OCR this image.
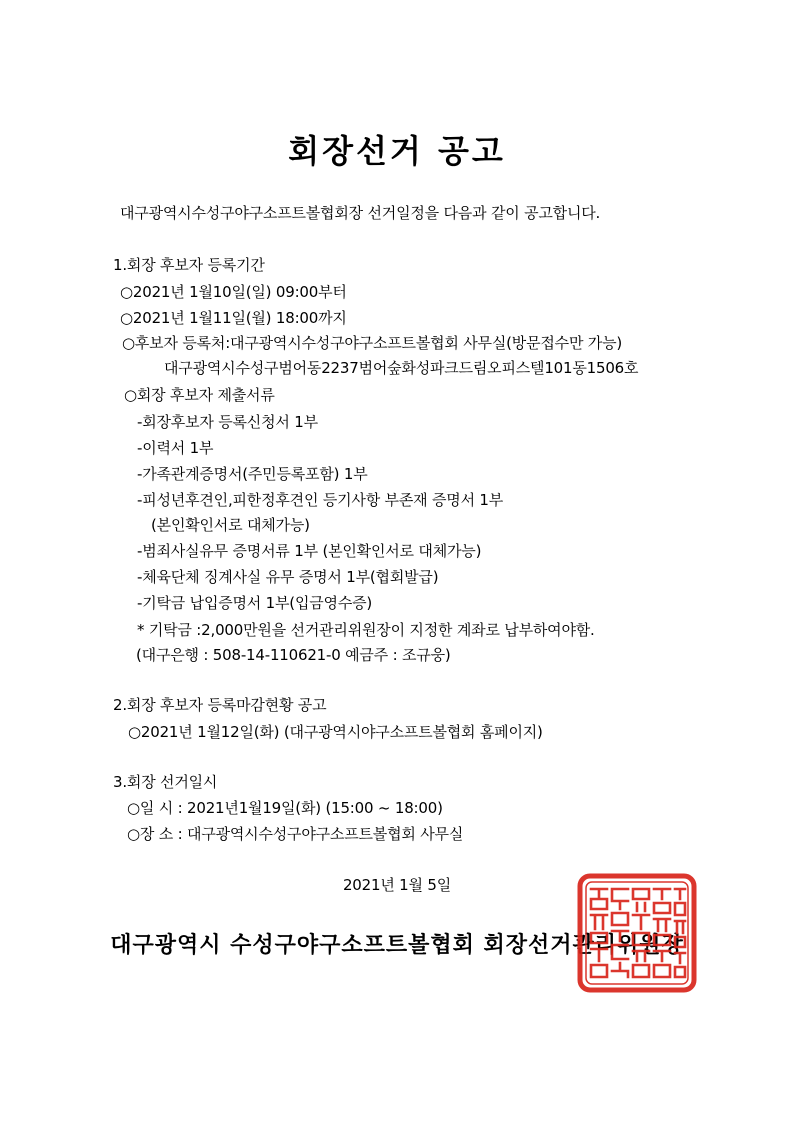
회장선거 공고
대구광역시수성구야구소프트볼협회장 선거일정을 다음과 같이 공고합니다.
1.회장 후보자 등록기간
○2021년 1월10일(일) 09:00부터
○2021년 1월11일(월) 18:00까지
○후보자 등록처:대구광역시수성구야구소프트볼협회 사무실(방문접수만 가능)
대구광역시수성구범어동2237범어숲화성파크드림오피스텔101동1506호
○회장 후보자 제출서류
-회장후보자 등록신청서 1부
-이력서 1부
-가족관계증명서(주민등록포함) 1부
-피성년후견인,피한정후견인 등기사항 부존재 증명서 1부
(본인확인서로 대체가능)
-범죄사실유무 증명서류 1부 (본인확인서로 대체가능)
-체육단체 징계사실 유무 증명서 1부(협회발급)
-기탁금 납입증명서 1부(입금영수증)
* 기탁금 :2,000만원을 선거관리위원장이 지정한 계좌로 납부하여야함.
(대구은행 : 508-14-110621-0 예금주 : 조규웅)
2.회장 후보자 등록마감현황 공고
○2021년 1월12일(화) (대구광역시야구소프트볼협회 홈페이지)
3.회장 선거일시
○일 시 : 2021년1월19일(화) (15:00 ~ 18:00)
○장 소 : 대구광역시수성구야구소프트볼협회 사무실
2021년 1월 5일
대구광역시 수성구야구소프트볼협회 회장선거관리위원장
